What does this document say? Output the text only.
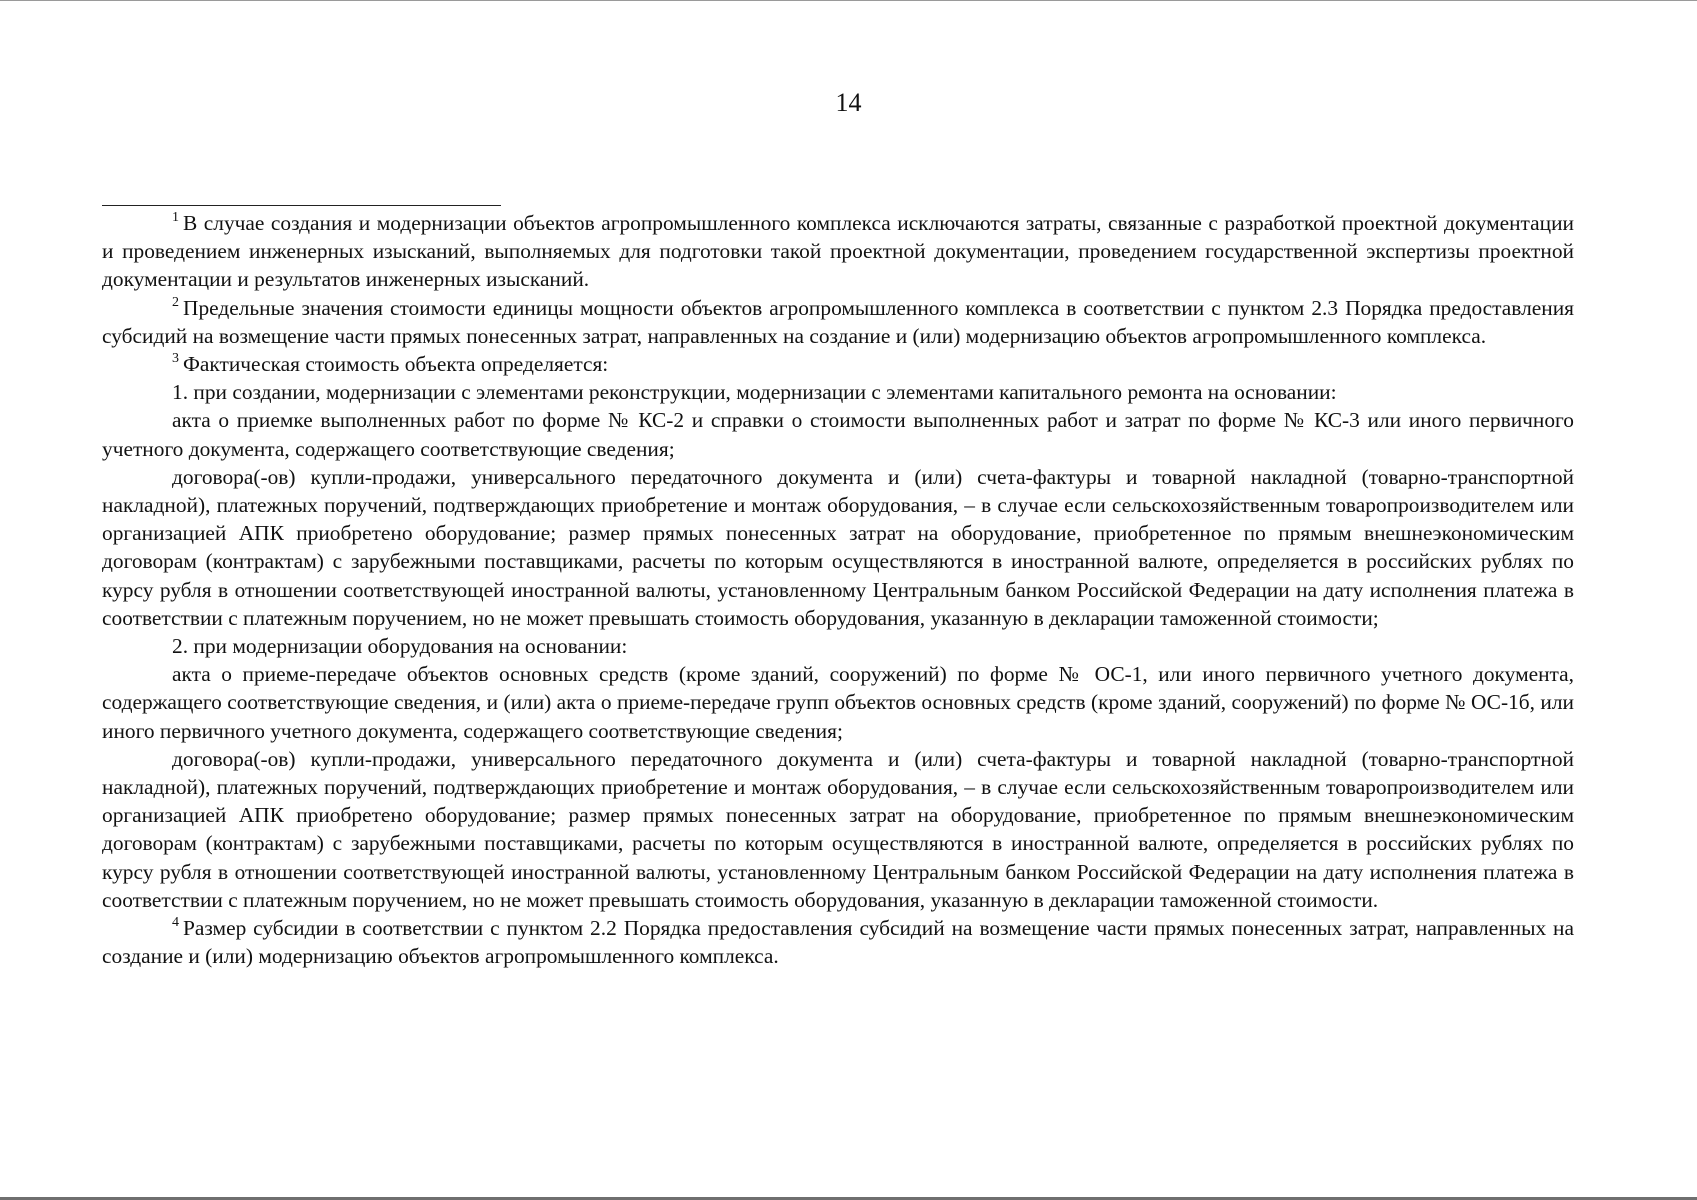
14

$^1$ В случае создания и модернизации объектов агропромышленного комплекса исключаются затраты, связанные с разработкой проектной документации и проведением инженерных изысканий, выполняемых для подготовки такой проектной документации, проведением государственной экспертизы проектной документации и результатов инженерных изысканий.

$^2$ Предельные значения стоимости единицы мощности объектов агропромышленного комплекса в соответствии с пунктом 2.3 Порядка предоставления субсидий на возмещение части прямых понесенных затрат, направленных на создание и (или) модернизацию объектов агропромышленного комплекса.

$^3$ Фактическая стоимость объекта определяется:

1. при создании, модернизации с элементами реконструкции, модернизации с элементами капитального ремонта на основании:

акта о приемке выполненных работ по форме № КС-2 и справки о стоимости выполненных работ и затрат по форме № КС-3 или иного первичного учетного документа, содержащего соответствующие сведения;

договора(-ов) купли-продажи, универсального передаточного документа и (или) счета-фактуры и товарной накладной (товарно-транспортной накладной), платежных поручений, подтверждающих приобретение и монтаж оборудования, – в случае если сельскохозяйственным товаропроизводителем или организацией АПК приобретено оборудование; размер прямых понесенных затрат на оборудование, приобретенное по прямым внешнеэкономическим договорам (контрактам) с зарубежными поставщиками, расчеты по которым осуществляются в иностранной валюте, определяется в российских рублях по курсу рубля в отношении соответствующей иностранной валюты, установленному Центральным банком Российской Федерации на дату исполнения платежа в соответствии с платежным поручением, но не может превышать стоимость оборудования, указанную в декларации таможенной стоимости;

2. при модернизации оборудования на основании:

акта о приеме-передаче объектов основных средств (кроме зданий, сооружений) по форме № ОС-1, или иного первичного учетного документа, содержащего соответствующие сведения, и (или) акта о приеме-передаче групп объектов основных средств (кроме зданий, сооружений) по форме № ОС-1б, или иного первичного учетного документа, содержащего соответствующие сведения;

договора(-ов) купли-продажи, универсального передаточного документа и (или) счета-фактуры и товарной накладной (товарно-транспортной накладной), платежных поручений, подтверждающих приобретение и монтаж оборудования, – в случае если сельскохозяйственным товаропроизводителем или организацией АПК приобретено оборудование; размер прямых понесенных затрат на оборудование, приобретенное по прямым внешнеэкономическим договорам (контрактам) с зарубежными поставщиками, расчеты по которым осуществляются в иностранной валюте, определяется в российских рублях по курсу рубля в отношении соответствующей иностранной валюты, установленному Центральным банком Российской Федерации на дату исполнения платежа в соответствии с платежным поручением, но не может превышать стоимость оборудования, указанную в декларации таможенной стоимости.

$^4$ Размер субсидии в соответствии с пунктом 2.2 Порядка предоставления субсидий на возмещение части прямых понесенных затрат, направленных на создание и (или) модернизацию объектов агропромышленного комплекса.
